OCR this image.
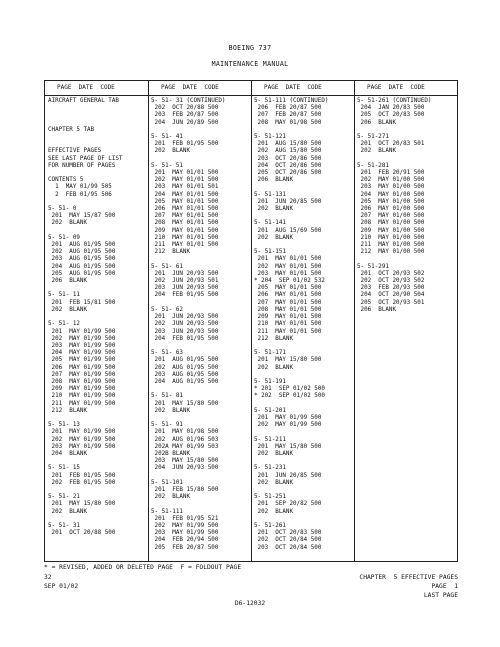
BOEING 737
MAINTENANCE MANUAL
PAGE  DATE  CODE	PAGE  DATE  CODE	PAGE  DATE  CODE	PAGE  DATE  CODE
AIRCRAFT GENERAL TAB

CHAPTER 5 TAB

EFFECTIVE PAGES
SEE LAST PAGE OF LIST
FOR NUMBER OF PAGES

CONTENTS 5
1  MAY 01/99 505
2  FEB 01/95 506

5- 51- 0
201  MAY 15/87 500
202  BLANK

5- 51- 09
201  AUG 01/95 500
202  AUG 01/95 500
203  AUG 01/95 500
204  AUG 01/95 500
205  AUG 01/95 500
206  BLANK

5- 51- 11
201  FEB 15/81 500
202  BLANK

5- 51- 12
201  MAY 01/99 500
202  MAY 01/99 500
203  MAY 01/99 500
204  MAY 01/99 500
205  MAY 01/99 500
206  MAY 01/99 500
207  MAY 01/99 500
208  MAY 01/99 500
209  MAY 01/99 500
210  MAY 01/99 500
211  MAY 01/99 500
212  BLANK

5- 51- 13
201  MAY 01/99 500
202  MAY 01/99 500
203  MAY 01/99 500
204  BLANK

5- 51- 15
201  FEB 01/95 500
202  FEB 01/95 500

5- 51- 21
201  MAY 15/80 500
202  BLANK

5- 51- 31
201  OCT 20/88 500
5- 51- 31 (CONTINUED)
202  OCT 20/88 500
203  FEB 20/87 500
204  JUN 20/89 500

5- 51- 41
201  FEB 01/95 500
202  BLANK

5- 51- 51
201  MAY 01/01 500
202  MAY 01/01 500
203  MAY 01/01 501
204  MAY 01/01 500
205  MAY 01/01 500
206  MAY 01/01 500
207  MAY 01/01 500
208  MAY 01/01 500
209  MAY 01/01 500
210  MAY 01/01 500
211  MAY 01/01 500
212  BLANK

5- 51- 61
201  JUN 20/93 500
202  JUN 20/93 501
203  JUN 20/93 500
204  FEB 01/95 500

5- 51- 62
201  JUN 20/93 500
202  JUN 20/93 500
203  JUN 20/93 500
204  FEB 01/95 500

5- 51- 63
201  AUG 01/95 500
202  AUG 01/95 500
203  AUG 01/95 500
204  AUG 01/95 500

5- 51- 81
201  MAY 15/80 500
202  BLANK

5- 51- 91
201  MAY 01/98 500
202  AUG 01/96 503
202A MAY 01/99 503
202B BLANK
203  MAY 15/80 500
204  JUN 20/93 500

5- 51-101
201  FEB 15/80 500
202  BLANK

5- 51-111
201  FEB 01/95 521
202  MAY 01/99 500
203  MAY 01/99 500
204  FEB 20/94 500
205  FEB 20/87 500
5- 51-111 (CONTINUED)
206  FEB 20/87 500
207  FEB 20/87 500
208  MAY 01/98 500

5- 51-121
201  AUG 15/80 500
202  AUG 15/80 500
203  OCT 20/86 500
204  OCT 20/86 500
205  OCT 20/86 500
206  BLANK

5- 51-131
201  JUN 20/85 500
202  BLANK

5- 51-141
201  AUG 15/69 500
202  BLANK

5- 51-151
201  MAY 01/01 500
202  MAY 01/01 500
203  MAY 01/01 500
* 204  SEP 01/02 532
205  MAY 01/01 500
206  MAY 01/01 500
207  MAY 01/01 500
208  MAY 01/01 500
209  MAY 01/01 500
210  MAY 01/01 500
211  MAY 01/01 500
212  BLANK

5- 51-171
201  MAY 15/80 500
202  BLANK

5- 51-191
* 201  SEP 01/02 500
* 202  SEP 01/02 500

5- 51-201
201  MAY 01/99 500
202  MAY 01/99 500

5- 51-211
201  MAY 15/80 500
202  BLANK

5- 51-231
201  JUN 20/85 500
202  BLANK

5- 51-251
201  SEP 20/82 500
202  BLANK

5- 51-261
201  OCT 20/83 500
202  OCT 20/84 500
203  OCT 20/84 500
5- 51-261 (CONTINUED)
204  JAN 20/83 500
205  OCT 20/83 500
206  BLANK

5- 51-271
201  OCT 20/83 501
202  BLANK

5- 51-281
201  FEB 20/91 500
202  MAY 01/00 500
203  MAY 01/00 500
204  MAY 01/00 500
205  MAY 01/00 500
206  MAY 01/00 500
207  MAY 01/00 500
208  MAY 01/00 500
209  MAY 01/00 500
210  MAY 01/00 500
211  MAY 01/00 500
212  MAY 01/00 500

5- 51-291
201  OCT 20/93 502
202  OCT 20/93 502
203  FEB 20/93 500
204  OCT 20/90 504
205  OCT 20/93 501
206  BLANK
* = REVISED, ADDED OR DELETED PAGE  F = FOLDOUT PAGE
32
SEP 01/02
CHAPTER  5 EFFECTIVE PAGES
PAGE  1
LAST PAGE
D6-12032
